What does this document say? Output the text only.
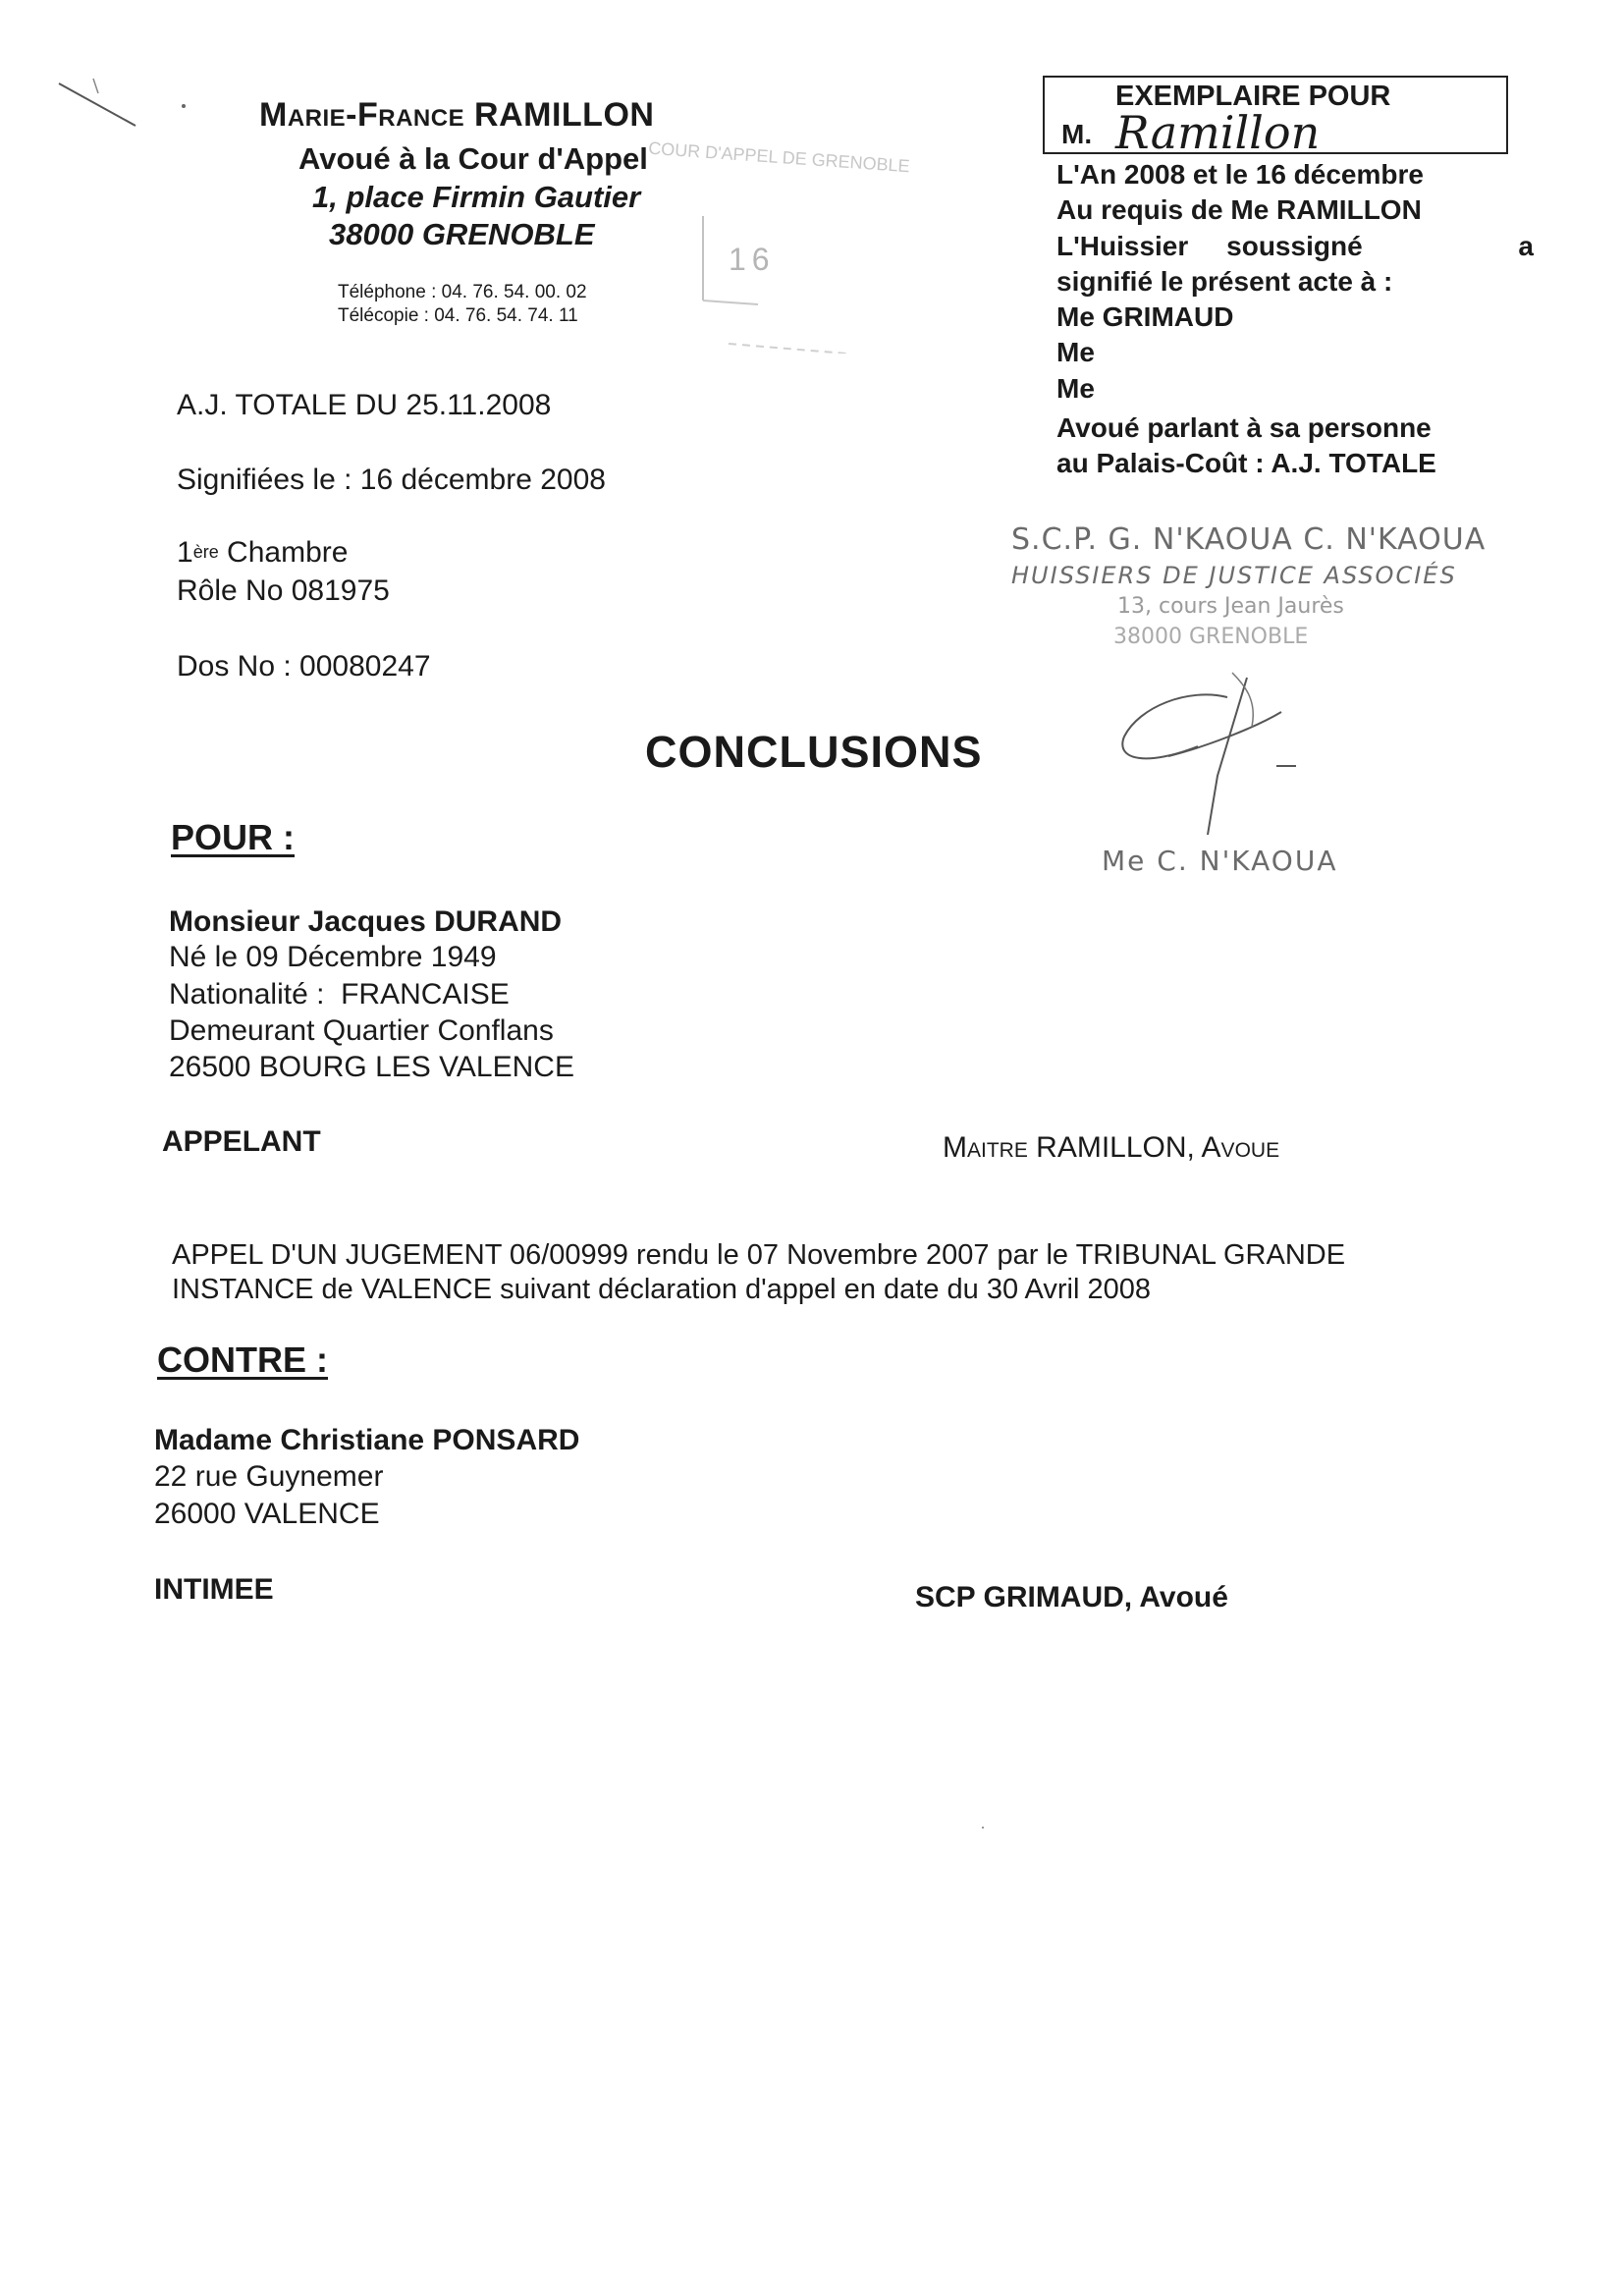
Marie-France RAMILLON
Avoué à la Cour d'Appel
1, place Firmin Gautier
38000 GRENOBLE
Téléphone : 04. 76. 54. 00. 02
Télécopie : 04. 76. 54. 74. 11
COUR D'APPEL DE GRENOBLE
16
A.J. TOTALE DU 25.11.2008
Signifiées le : 16 décembre 2008
1ère Chambre
Rôle No 081975
Dos No : 00080247
EXEMPLAIRE POUR
M. Ramillon
L'An 2008 et le 16 décembre
Au requis de Me RAMILLON
L'Huissier     soussigné	a
signifié le présent acte à :
Me GRIMAUD
Me
Me
Avoué parlant à sa personne
au Palais-Coût : A.J. TOTALE
S.C.P. G. N'KAOUA C. N'KAOUA
HUISSIERS DE JUSTICE ASSOCIÉS
13, cours Jean Jaurès
38000 GRENOBLE
Me C. N'KAOUA
CONCLUSIONS
POUR :
Monsieur Jacques DURAND
Né le 09 Décembre 1949
Nationalité :  FRANCAISE
Demeurant Quartier Conflans
26500 BOURG LES VALENCE
APPELANT	Maitre RAMILLON, Avoue
APPEL D'UN JUGEMENT 06/00999 rendu le 07 Novembre 2007 par le TRIBUNAL GRANDE
INSTANCE de VALENCE suivant déclaration d'appel en date du 30 Avril 2008
CONTRE :
Madame Christiane PONSARD
22 rue Guynemer
26000 VALENCE
INTIMEE	SCP GRIMAUD, Avoué
